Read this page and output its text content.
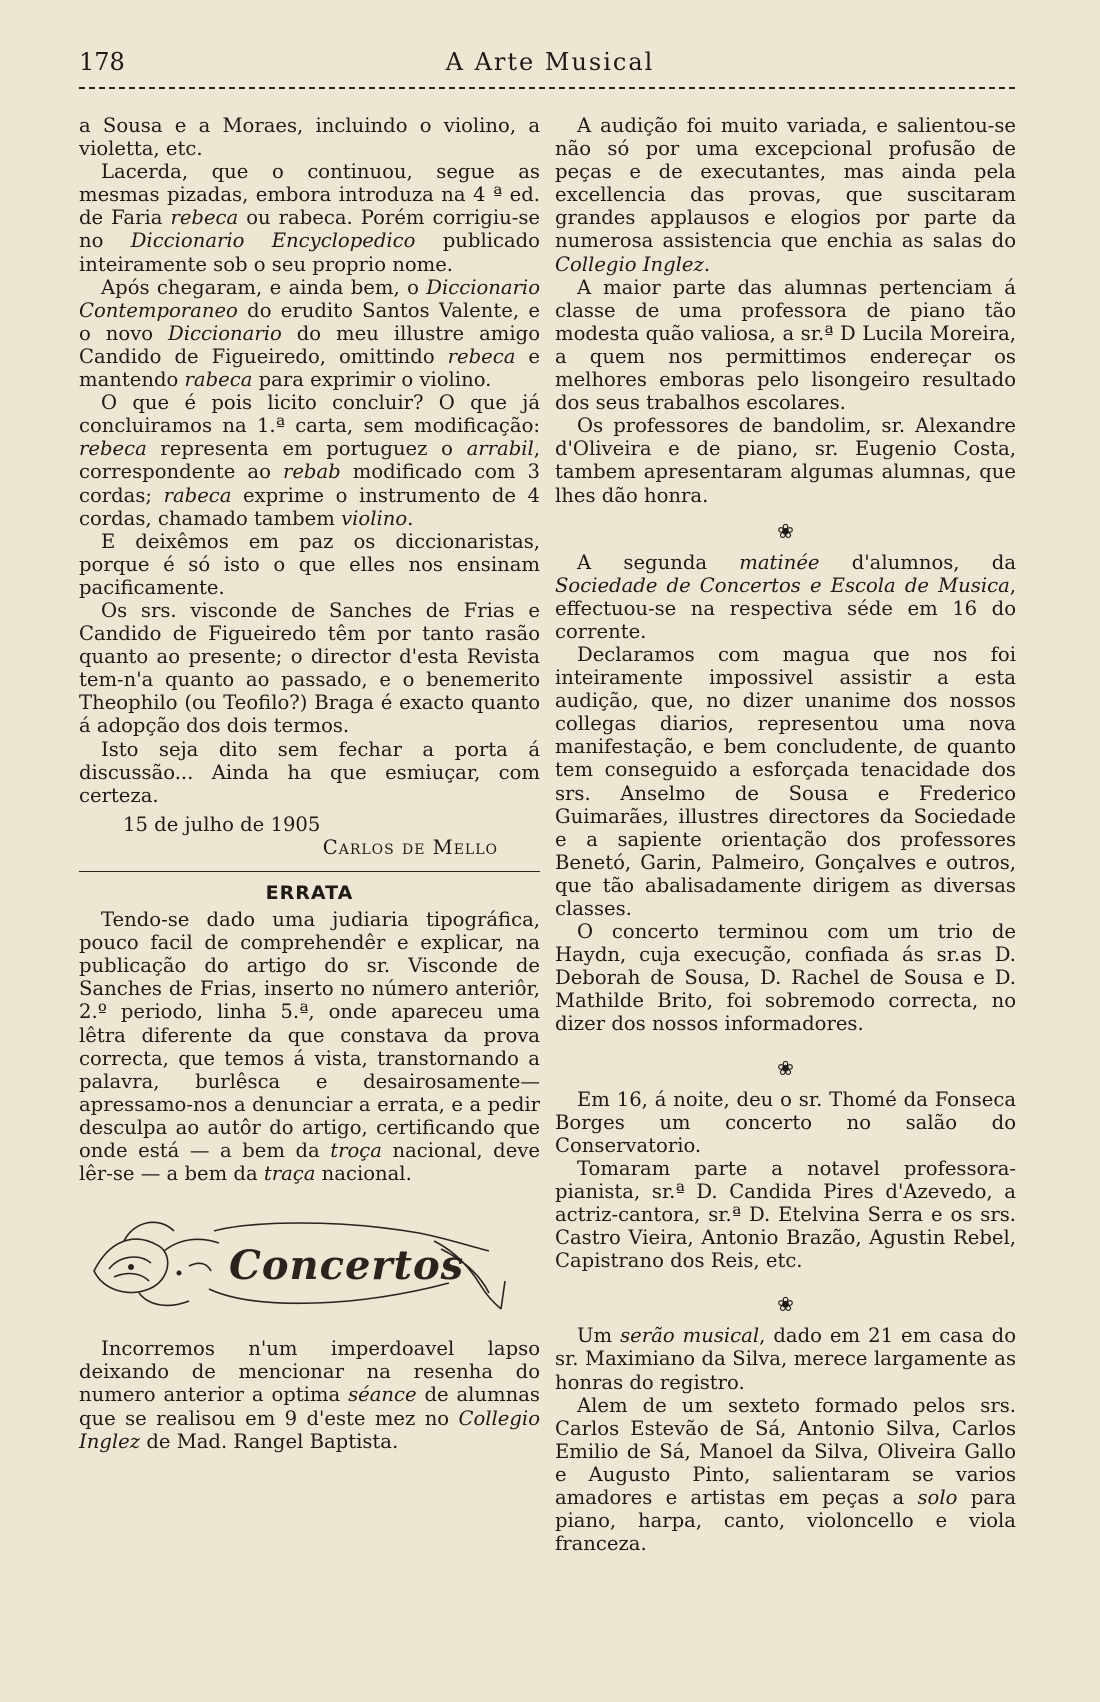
178	A Arte Musical

a Sousa e a Moraes, incluindo o violino, a violetta, etc.

Lacerda, que o continuou, segue as mesmas pizadas, embora introduza na 4 ª ed. de Faria rebeca ou rabeca. Porém corrigiu-se no Diccionario Encyclopedico publicado inteiramente sob o seu proprio nome.

Após chegaram, e ainda bem, o Diccionario Contemporaneo do erudito Santos Valente, e o novo Diccionario do meu illustre amigo Candido de Figueiredo, omittindo rebeca e mantendo rabeca para exprimir o violino.

O que é pois licito concluir? O que já concluiramos na 1.ª carta, sem modificação: rebeca representa em portuguez o arrabil, correspondente ao rebab modificado com 3 cordas; rabeca exprime o instrumento de 4 cordas, chamado tambem violino.

E deixêmos em paz os diccionaristas, porque é só isto o que elles nos ensinam pacificamente.

Os srs. visconde de Sanches de Frias e Candido de Figueiredo têm por tanto rasão quanto ao presente; o director d'esta Revista tem-n'a quanto ao passado, e o benemerito Theophilo (ou Teofilo?) Braga é exacto quanto á adopção dos dois termos.

Isto seja dito sem fechar a porta á discussão... Ainda ha que esmiuçar, com certeza.

15 de julho de 1905

Carlos de Mello

ERRATA

Tendo-se dado uma judiaria tipográfica, pouco facil de comprehendêr e explicar, na publicação do artigo do sr. Visconde de Sanches de Frias, inserto no número anteriôr, 2.º periodo, linha 5.ª, onde apareceu uma lêtra diferente da que constava da prova correcta, que temos á vista, transtornando a palavra, burlêsca e desairosamente—apressamo-nos a denunciar a errata, e a pedir desculpa ao autôr do artigo, certificando que onde está — a bem da troça nacional, deve lêr-se — a bem da traça nacional.

Concertos

Incorremos n'um imperdoavel lapso deixando de mencionar na resenha do numero anterior a optima séance de alumnas que se realisou em 9 d'este mez no Collegio Inglez de Mad. Rangel Baptista.

A audição foi muito variada, e salientou-se não só por uma excepcional profusão de peças e de executantes, mas ainda pela excellencia das provas, que suscitaram grandes applausos e elogios por parte da numerosa assistencia que enchia as salas do Collegio Inglez.

A maior parte das alumnas pertenciam á classe de uma professora de piano tão modesta quão valiosa, a sr.ª D Lucila Moreira, a quem nos permittimos endereçar os melhores emboras pelo lisongeiro resultado dos seus trabalhos escolares.

Os professores de bandolim, sr. Alexandre d'Oliveira e de piano, sr. Eugenio Costa, tambem apresentaram algumas alumnas, que lhes dão honra.

❀

A segunda matinée d'alumnos, da Sociedade de Concertos e Escola de Musica, effectuou-se na respectiva séde em 16 do corrente.

Declaramos com magua que nos foi inteiramente impossivel assistir a esta audição, que, no dizer unanime dos nossos collegas diarios, representou uma nova manifestação, e bem concludente, de quanto tem conseguido a esforçada tenacidade dos srs. Anselmo de Sousa e Frederico Guimarães, illustres directores da Sociedade e a sapiente orientação dos professores Benetó, Garin, Palmeiro, Gonçalves e outros, que tão abalisadamente dirigem as diversas classes.

O concerto terminou com um trio de Haydn, cuja execução, confiada ás sr.as D. Deborah de Sousa, D. Rachel de Sousa e D. Mathilde Brito, foi sobremodo correcta, no dizer dos nossos informadores.

❀

Em 16, á noite, deu o sr. Thomé da Fonseca Borges um concerto no salão do Conservatorio.

Tomaram parte a notavel professora-pianista, sr.ª D. Candida Pires d'Azevedo, a actriz-cantora, sr.ª D. Etelvina Serra e os srs. Castro Vieira, Antonio Brazão, Agustin Rebel, Capistrano dos Reis, etc.

❀

Um serão musical, dado em 21 em casa do sr. Maximiano da Silva, merece largamente as honras do registro.

Alem de um sexteto formado pelos srs. Carlos Estevão de Sá, Antonio Silva, Carlos Emilio de Sá, Manoel da Silva, Oliveira Gallo e Augusto Pinto, salientaram se varios amadores e artistas em peças a solo para piano, harpa, canto, violoncello e viola franceza.
